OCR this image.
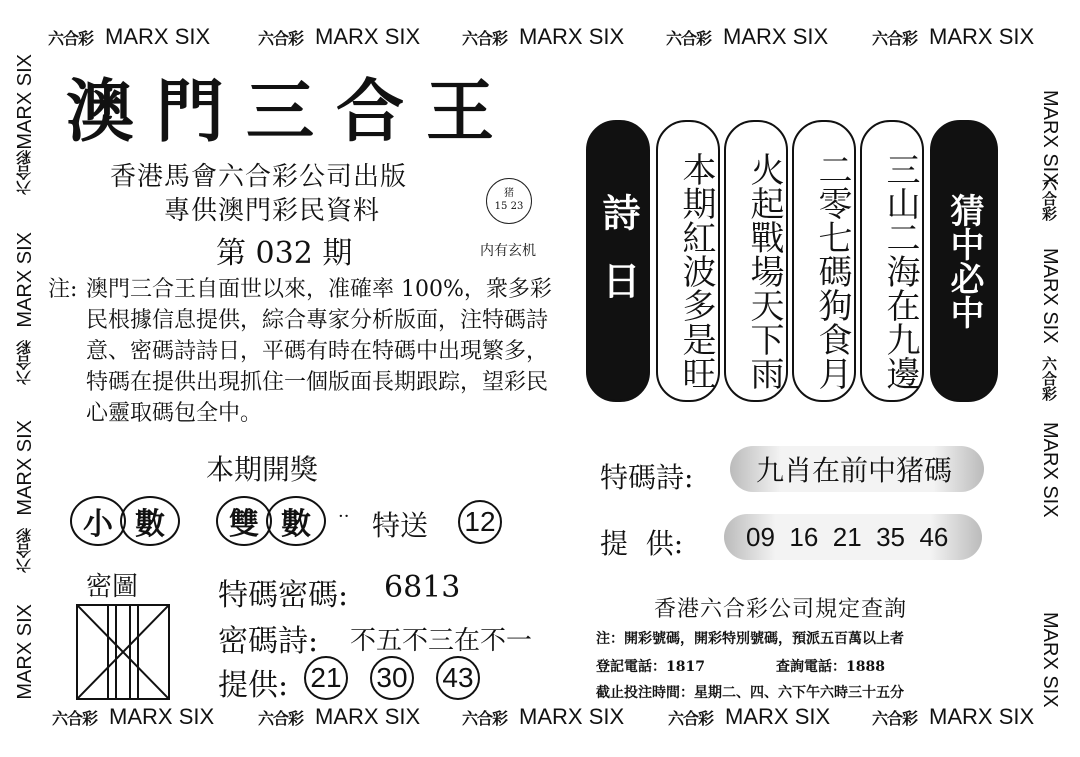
六合彩 MARX SIX	六合彩 MARX SIX	六合彩 MARX SIX	六合彩 MARX SIX	六合彩 MARX SIX
六合彩 MARX SIX	六合彩 MARX SIX	六合彩 MARX SIX	六合彩 MARX SIX	六合彩 MARX SIX
MARX SIX
六合彩
MARX SIX
六合彩
MARX SIX
六合彩
MARX SIX
MARX SIX
六合彩
MARX SIX
六合彩
MARX SIX
MARX SIX
澳門三合王
香港馬會六合彩公司出版
專供澳門彩民資料
猪
15 23
内有玄机
第 032 期
注: 澳門三合王自面世以來，准確率 100%，衆多彩民根據信息提供，綜合專家分析版面，注特碼詩意、密碼詩詩日，平碼有時在特碼中出現繁多，特碼在提供出現抓住一個版面長期跟踪，望彩民心靈取碼包全中。
本期開獎
小 數	雙 數	·· 特送 12
密圖	特碼密碼: 6813
密碼詩: 不五不三在不一
提供: 21 30 43
詩日	本期紅波多是旺 火起戰場天下雨 二零七碼狗食月 三山二海在九邊 猜中必中
特碼詩:	九肖在前中猪碼
提  供:	09  16  21  35  46
香港六合彩公司規定查詢
注：開彩號碼，開彩特別號碼，預派五百萬以上者
登記電話：1817	查詢電話：1888
截止投注時間：星期二、四、六下午六時三十五分
